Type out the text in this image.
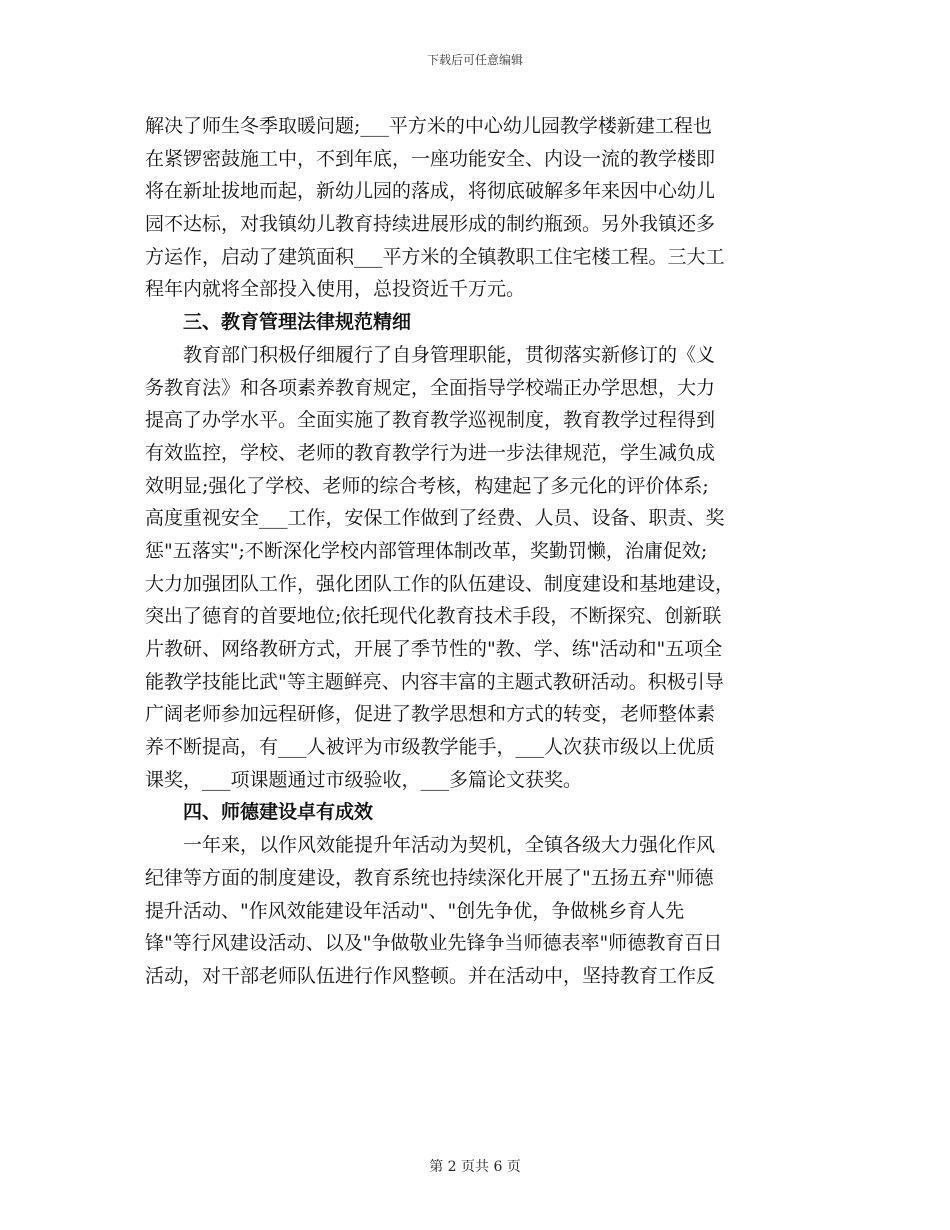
下载后可任意编辑
解决了师生冬季取暖问题;___平方米的中心幼儿园教学楼新建工程也
在紧锣密鼓施工中，不到年底，一座功能安全、内设一流的教学楼即
将在新址拔地而起，新幼儿园的落成，将彻底破解多年来因中心幼儿
园不达标，对我镇幼儿教育持续进展形成的制约瓶颈。另外我镇还多
方运作，启动了建筑面积___平方米的全镇教职工住宅楼工程。三大工
程年内就将全部投入使用，总投资近千万元。
　　三、教育管理法律规范精细
　　教育部门积极仔细履行了自身管理职能，贯彻落实新修订的《义
务教育法》和各项素养教育规定，全面指导学校端正办学思想，大力
提高了办学水平。全面实施了教育教学巡视制度，教育教学过程得到
有效监控，学校、老师的教育教学行为进一步法律规范，学生减负成
效明显;强化了学校、老师的综合考核，构建起了多元化的评价体系;
高度重视安全___工作，安保工作做到了经费、人员、设备、职责、奖
惩"五落实";不断深化学校内部管理体制改革，奖勤罚懒，治庸促效;
大力加强团队工作，强化团队工作的队伍建设、制度建设和基地建设，
突出了德育的首要地位;依托现代化教育技术手段，不断探究、创新联
片教研、网络教研方式，开展了季节性的"教、学、练"活动和"五项全
能教学技能比武"等主题鲜亮、内容丰富的主题式教研活动。积极引导
广阔老师参加远程研修，促进了教学思想和方式的转变，老师整体素
养不断提高，有___人被评为市级教学能手，___人次获市级以上优质
课奖，___项课题通过市级验收，___多篇论文获奖。
　　四、师德建设卓有成效
　　一年来，以作风效能提升年活动为契机，全镇各级大力强化作风
纪律等方面的制度建设，教育系统也持续深化开展了"五扬五弃"师德
提升活动、"作风效能建设年活动"、"创先争优，争做桃乡育人先
锋"等行风建设活动、以及"争做敬业先锋争当师德表率"师德教育百日
活动，对干部老师队伍进行作风整顿。并在活动中，坚持教育工作反
第 2 页共 6 页
